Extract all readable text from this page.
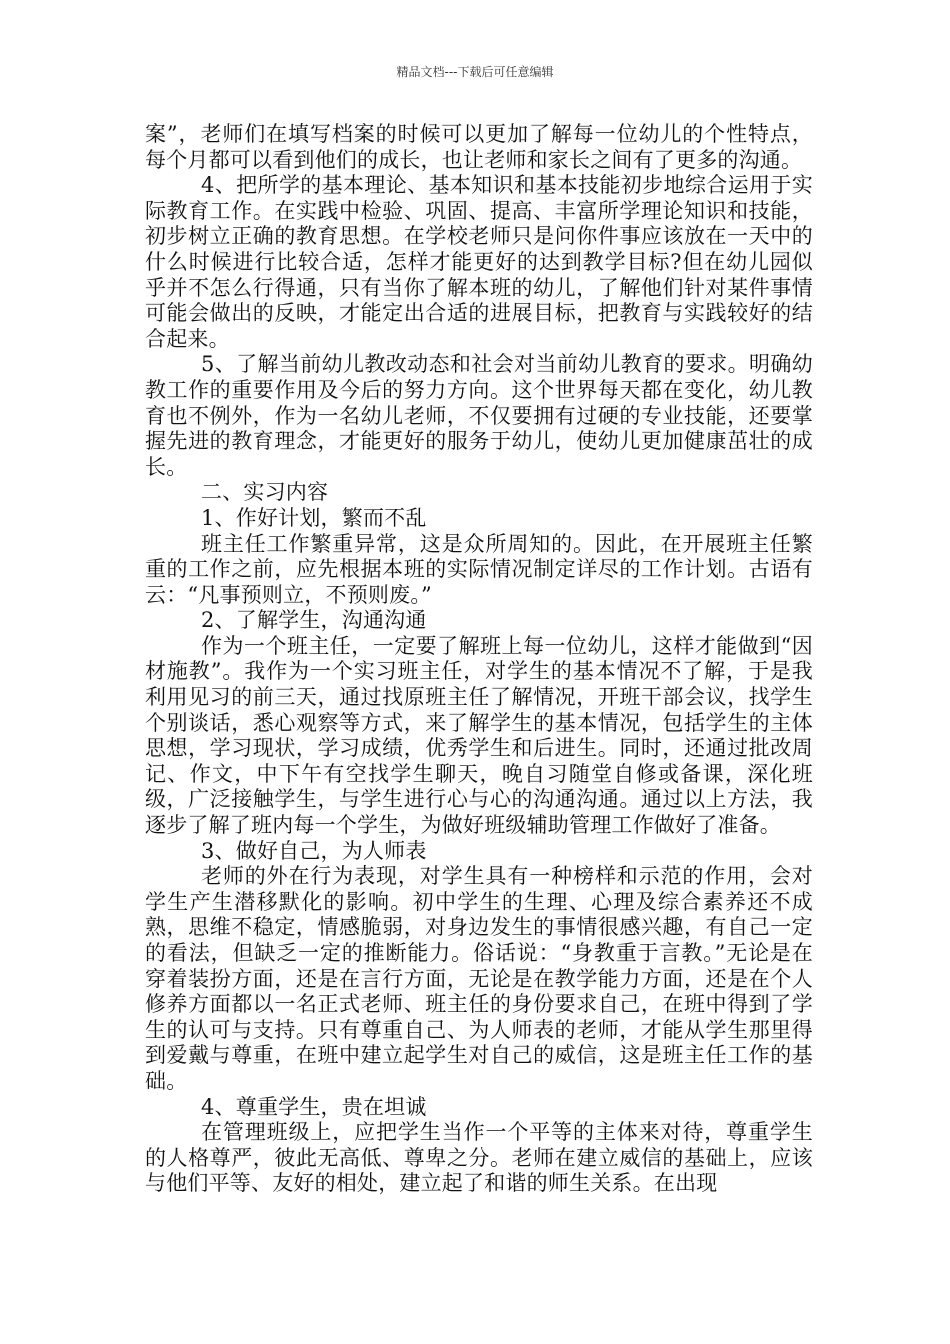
精品文档---下载后可任意编辑

案”，老师们在填写档案的时候可以更加了解每一位幼儿的个性特点，每个月都可以看到他们的成长，也让老师和家长之间有了更多的沟通。

4、把所学的基本理论、基本知识和基本技能初步地综合运用于实际教育工作。在实践中检验、巩固、提高、丰富所学理论知识和技能，初步树立正确的教育思想。在学校老师只是问你件事应该放在一天中的什么时候进行比较合适，怎样才能更好的达到教学目标?但在幼儿园似乎并不怎么行得通，只有当你了解本班的幼儿，了解他们针对某件事情可能会做出的反映，才能定出合适的进展目标，把教育与实践较好的结合起来。

5、了解当前幼儿教改动态和社会对当前幼儿教育的要求。明确幼教工作的重要作用及今后的努力方向。这个世界每天都在变化，幼儿教育也不例外，作为一名幼儿老师，不仅要拥有过硬的专业技能，还要掌握先进的教育理念，才能更好的服务于幼儿，使幼儿更加健康茁壮的成长。

二、实习内容

1、作好计划，繁而不乱

班主任工作繁重异常，这是众所周知的。因此，在开展班主任繁重的工作之前，应先根据本班的实际情况制定详尽的工作计划。古语有云：“凡事预则立，不预则废。”

2、了解学生，沟通沟通

作为一个班主任，一定要了解班上每一位幼儿，这样才能做到“因材施教”。我作为一个实习班主任，对学生的基本情况不了解，于是我利用见习的前三天，通过找原班主任了解情况，开班干部会议，找学生个别谈话，悉心观察等方式，来了解学生的基本情况，包括学生的主体思想，学习现状，学习成绩，优秀学生和后进生。同时，还通过批改周记、作文，中下午有空找学生聊天，晚自习随堂自修或备课，深化班级，广泛接触学生，与学生进行心与心的沟通沟通。通过以上方法，我逐步了解了班内每一个学生，为做好班级辅助管理工作做好了准备。

3、做好自己，为人师表

老师的外在行为表现，对学生具有一种榜样和示范的作用，会对学生产生潜移默化的影响。初中学生的生理、心理及综合素养还不成熟，思维不稳定，情感脆弱，对身边发生的事情很感兴趣，有自己一定的看法，但缺乏一定的推断能力。俗话说：“身教重于言教。”无论是在穿着装扮方面，还是在言行方面，无论是在教学能力方面，还是在个人修养方面都以一名正式老师、班主任的身份要求自己，在班中得到了学生的认可与支持。只有尊重自己、为人师表的老师，才能从学生那里得到爱戴与尊重，在班中建立起学生对自己的威信，这是班主任工作的基础。

4、尊重学生，贵在坦诚

在管理班级上，应把学生当作一个平等的主体来对待，尊重学生的人格尊严，彼此无高低、尊卑之分。老师在建立威信的基础上，应该与他们平等、友好的相处，建立起了和谐的师生关系。在出现
